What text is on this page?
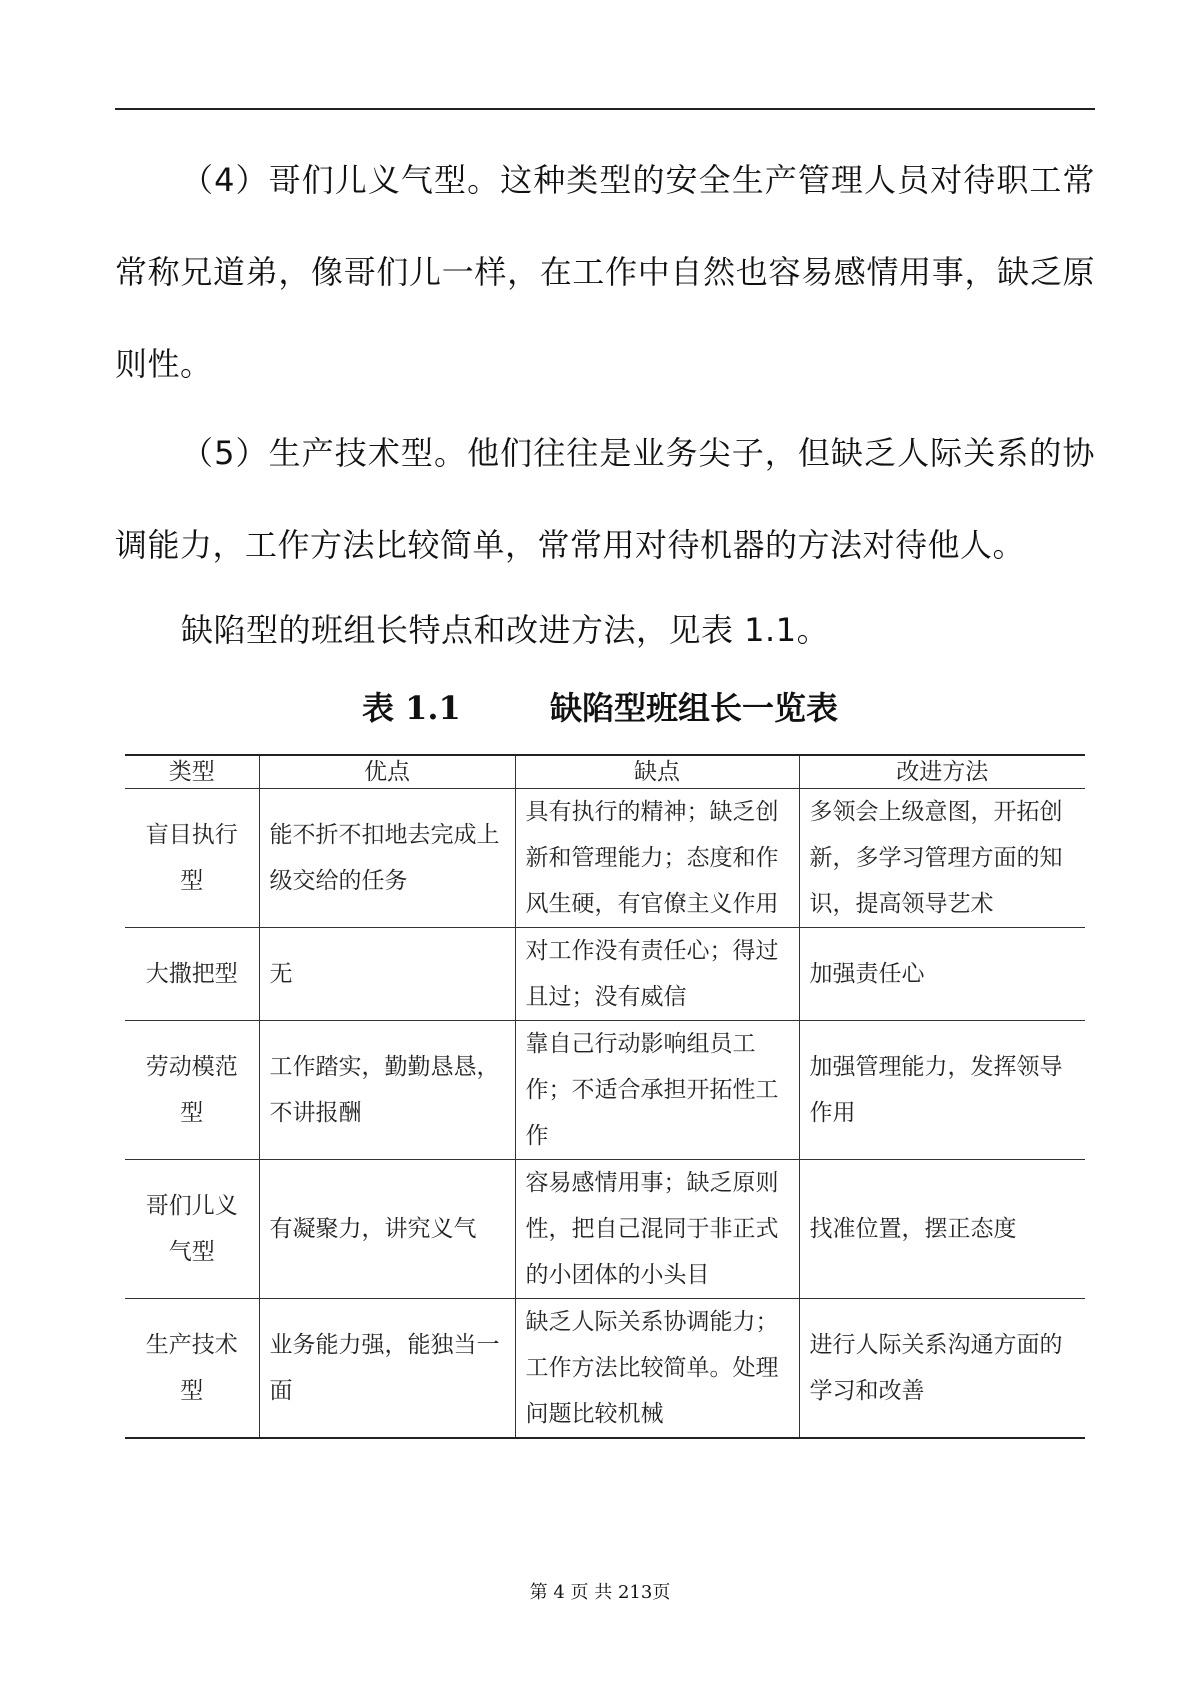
（4）哥们儿义气型。这种类型的安全生产管理人员对待职工常常称兄道弟，像哥们儿一样，在工作中自然也容易感情用事，缺乏原则性。

（5）生产技术型。他们往往是业务尖子，但缺乏人际关系的协调能力，工作方法比较简单，常常用对待机器的方法对待他人。

缺陷型的班组长特点和改进方法，见表 1.1。

表 1.1	缺陷型班组长一览表
类型	优点	缺点	改进方法
盲目执行型	能不折不扣地去完成上级交给的任务	具有执行的精神；缺乏创新和管理能力；态度和作风生硬，有官僚主义作用	多领会上级意图，开拓创新，多学习管理方面的知识，提高领导艺术
大撒把型	无	对工作没有责任心；得过且过；没有威信	加强责任心
劳动模范型	工作踏实，勤勤恳恳，不讲报酬	靠自己行动影响组员工作；不适合承担开拓性工作	加强管理能力，发挥领导作用
哥们儿义气型	有凝聚力，讲究义气	容易感情用事；缺乏原则性，把自己混同于非正式的小团体的小头目	找准位置，摆正态度
生产技术型	业务能力强，能独当一面	缺乏人际关系协调能力；工作方法比较简单。处理问题比较机械	进行人际关系沟通方面的学习和改善
第 4 页 共 213页
